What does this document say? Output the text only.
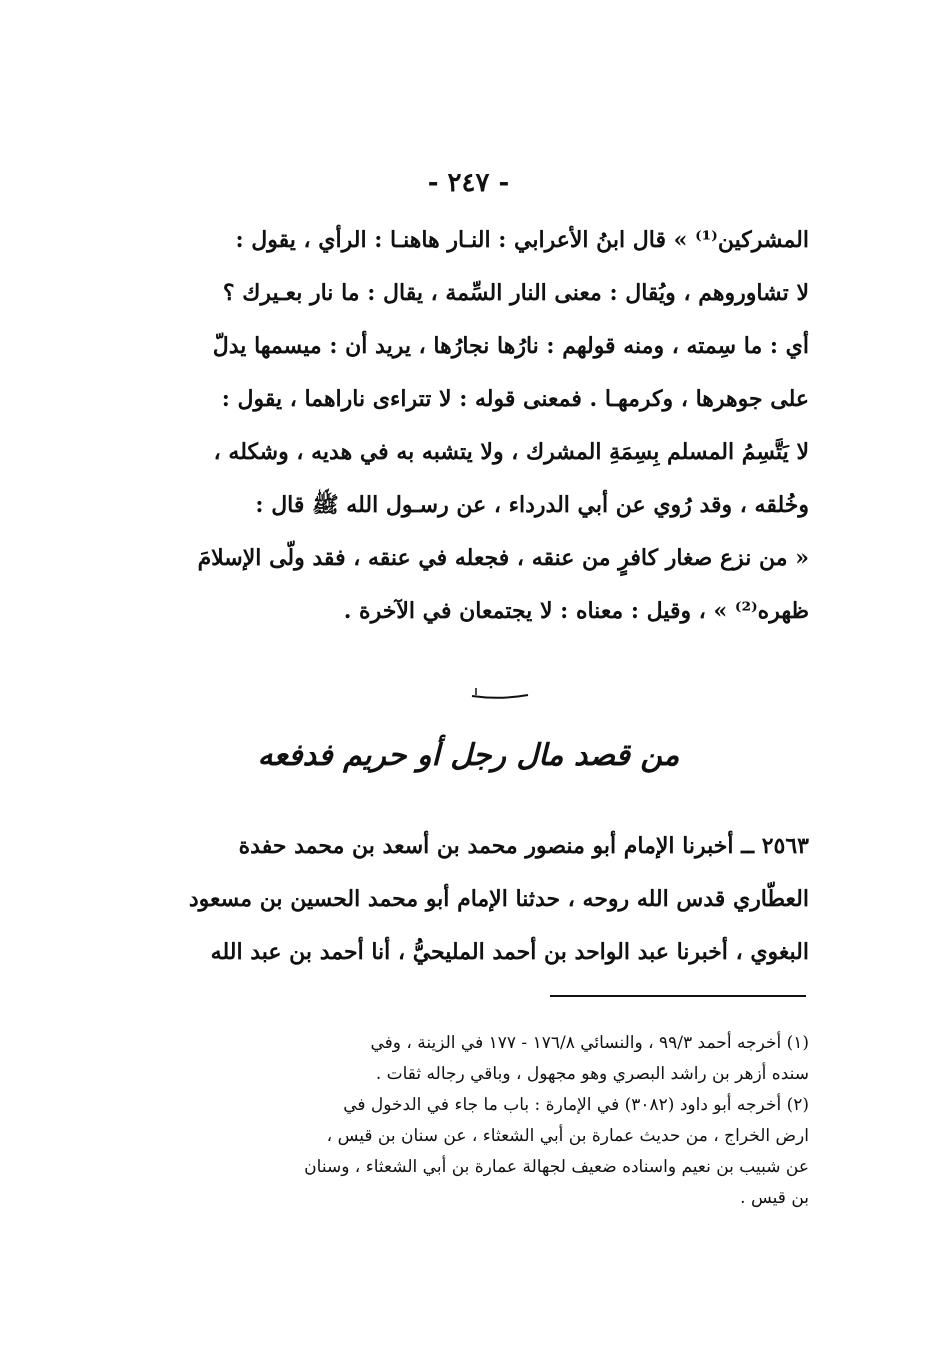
- ٢٤٧ -
المشركين⁽¹⁾ » قال ابنُ الأعرابي : النـار هاهنـا : الرأي ، يقول :
لا تشاوروهم ، ويُقال : معنى النار السِّمة ، يقال : ما نار بعـيرك ؟
أي : ما سِمته ، ومنه قولهم : نارُها نجارُها ، يريد أن : ميسمها يدلّ
على جوهرها ، وكرمهـا . فمعنى قوله : لا تتراءى ناراهما ، يقول :
لا يَتَّسِمُ المسلم بِسِمَةِ المشرك ، ولا يتشبه به في هديه ، وشكله ،
وخُلقه ، وقد رُوي عن أبي الدرداء ، عن رسـول الله ﷺ قال :
« من نزع صغار كافرٍ من عنقه ، فجعله في عنقه ، فقد ولّى الإسلامَ
ظهره⁽²⁾ » ، وقيل : معناه : لا يجتمعان في الآخرة .
من قصد مال رجل أو حريم فدفعه
٢٥٦٣ ــ أخبرنا الإمام أبو منصور محمد بن أسعد بن محمد حفدة
العطّاري قدس الله روحه ، حدثنا الإمام أبو محمد الحسين بن مسعود
البغوي ، أخبرنا عبد الواحد بن أحمد المليحيُّ ، أنا أحمد بن عبد الله
(١) أخرجه أحمد ٩٩/٣ ، والنسائي ١٧٦/٨ - ١٧٧ في الزينة ، وفي
سنده أزهر بن راشد البصري وهو مجهول ، وباقي رجاله ثقات .
(٢) أخرجه أبو داود (٣٠٨٢) في الإمارة : باب ما جاء في الدخول في
ارض الخراج ، من حديث عمارة بن أبي الشعثاء ، عن سنان بن قيس ،
عن شبيب بن نعيم واسناده ضعيف لجهالة عمارة بن أبي الشعثاء ، وسنان
بن قيس .
